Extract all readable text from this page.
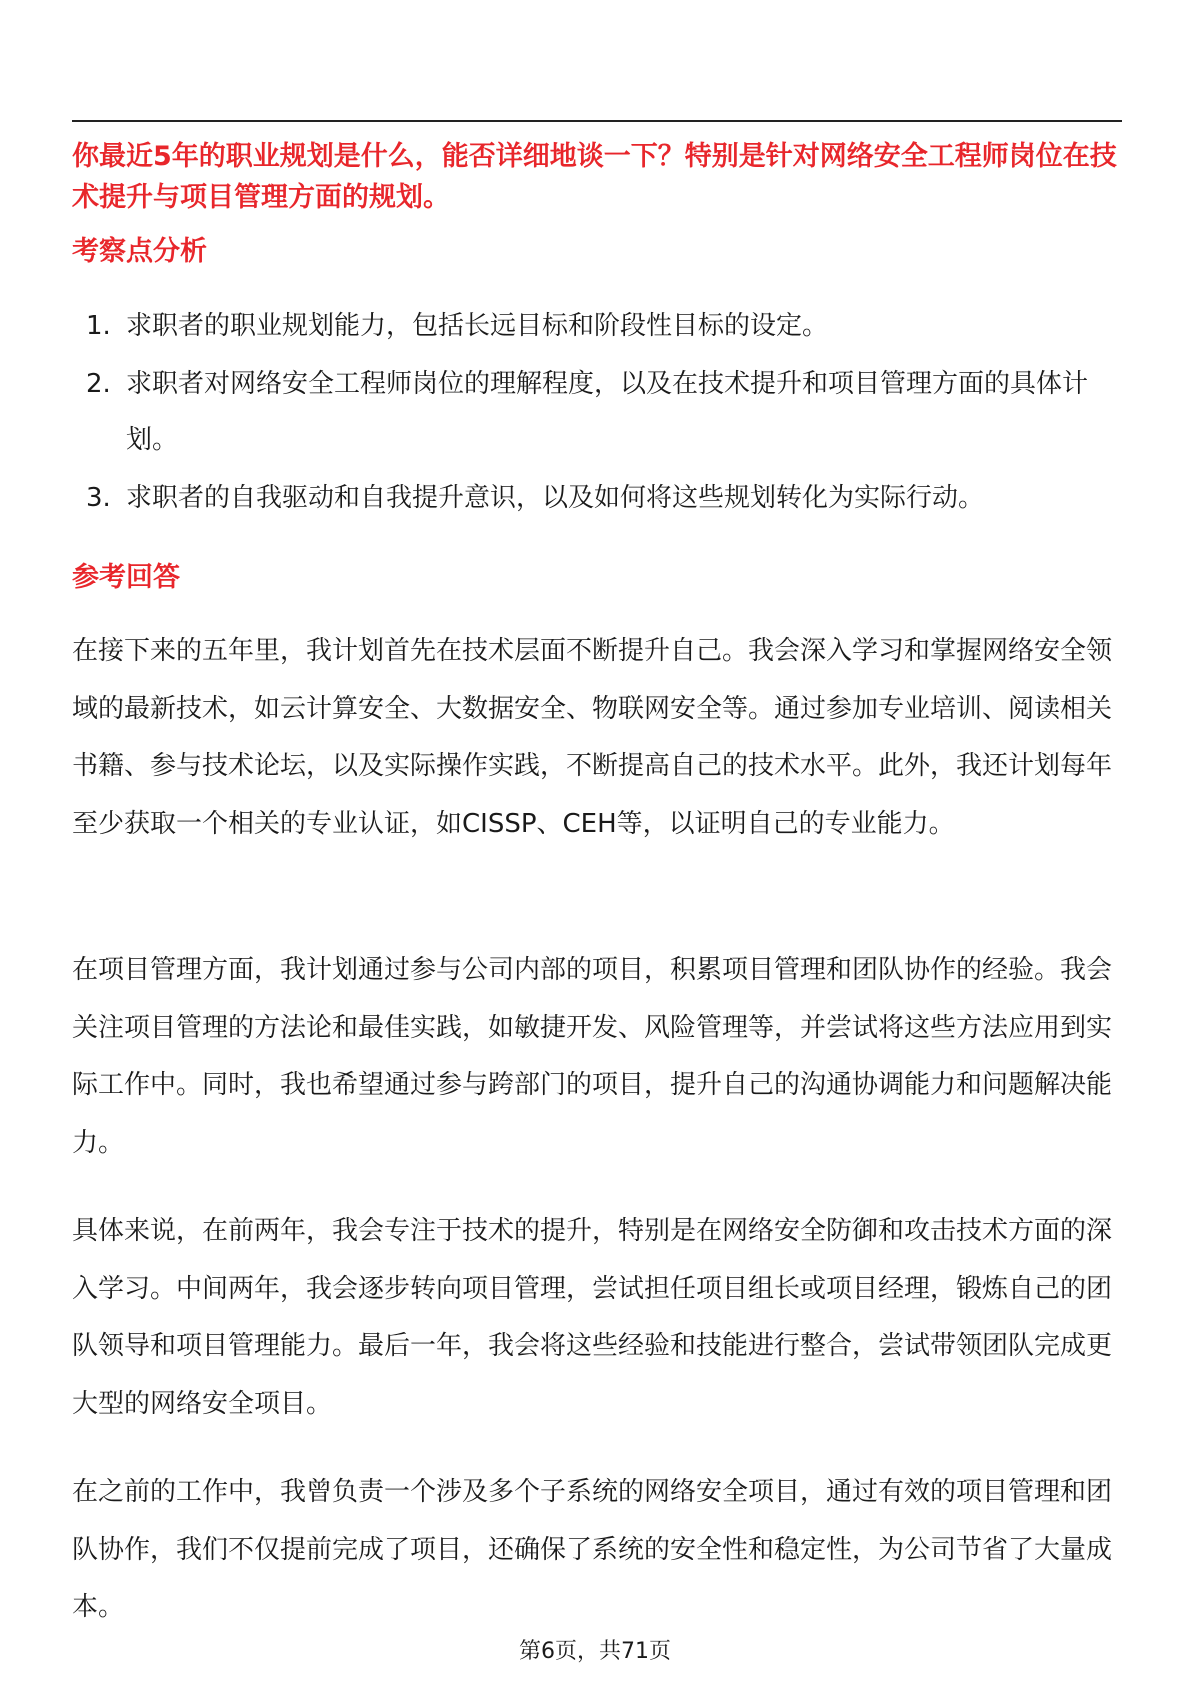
你最近5年的职业规划是什么，能否详细地谈一下？特别是针对网络安全工程师岗位在技术提升与项目管理方面的规划。

考察点分析
1. 求职者的职业规划能力，包括长远目标和阶段性目标的设定。
2. 求职者对网络安全工程师岗位的理解程度，以及在技术提升和项目管理方面的具体计划。
3. 求职者的自我驱动和自我提升意识，以及如何将这些规划转化为实际行动。
参考回答

在接下来的五年里，我计划首先在技术层面不断提升自己。我会深入学习和掌握网络安全领域的最新技术，如云计算安全、大数据安全、物联网安全等。通过参加专业培训、阅读相关书籍、参与技术论坛，以及实际操作实践，不断提高自己的技术水平。此外，我还计划每年至少获取一个相关的专业认证，如CISSP、CEH等，以证明自己的专业能力。

在项目管理方面，我计划通过参与公司内部的项目，积累项目管理和团队协作的经验。我会关注项目管理的方法论和最佳实践，如敏捷开发、风险管理等，并尝试将这些方法应用到实际工作中。同时，我也希望通过参与跨部门的项目，提升自己的沟通协调能力和问题解决能力。

具体来说，在前两年，我会专注于技术的提升，特别是在网络安全防御和攻击技术方面的深入学习。中间两年，我会逐步转向项目管理，尝试担任项目组长或项目经理，锻炼自己的团队领导和项目管理能力。最后一年，我会将这些经验和技能进行整合，尝试带领团队完成更大型的网络安全项目。

在之前的工作中，我曾负责一个涉及多个子系统的网络安全项目，通过有效的项目管理和团队协作，我们不仅提前完成了项目，还确保了系统的安全性和稳定性，为公司节省了大量成本。

第6页，共71页
